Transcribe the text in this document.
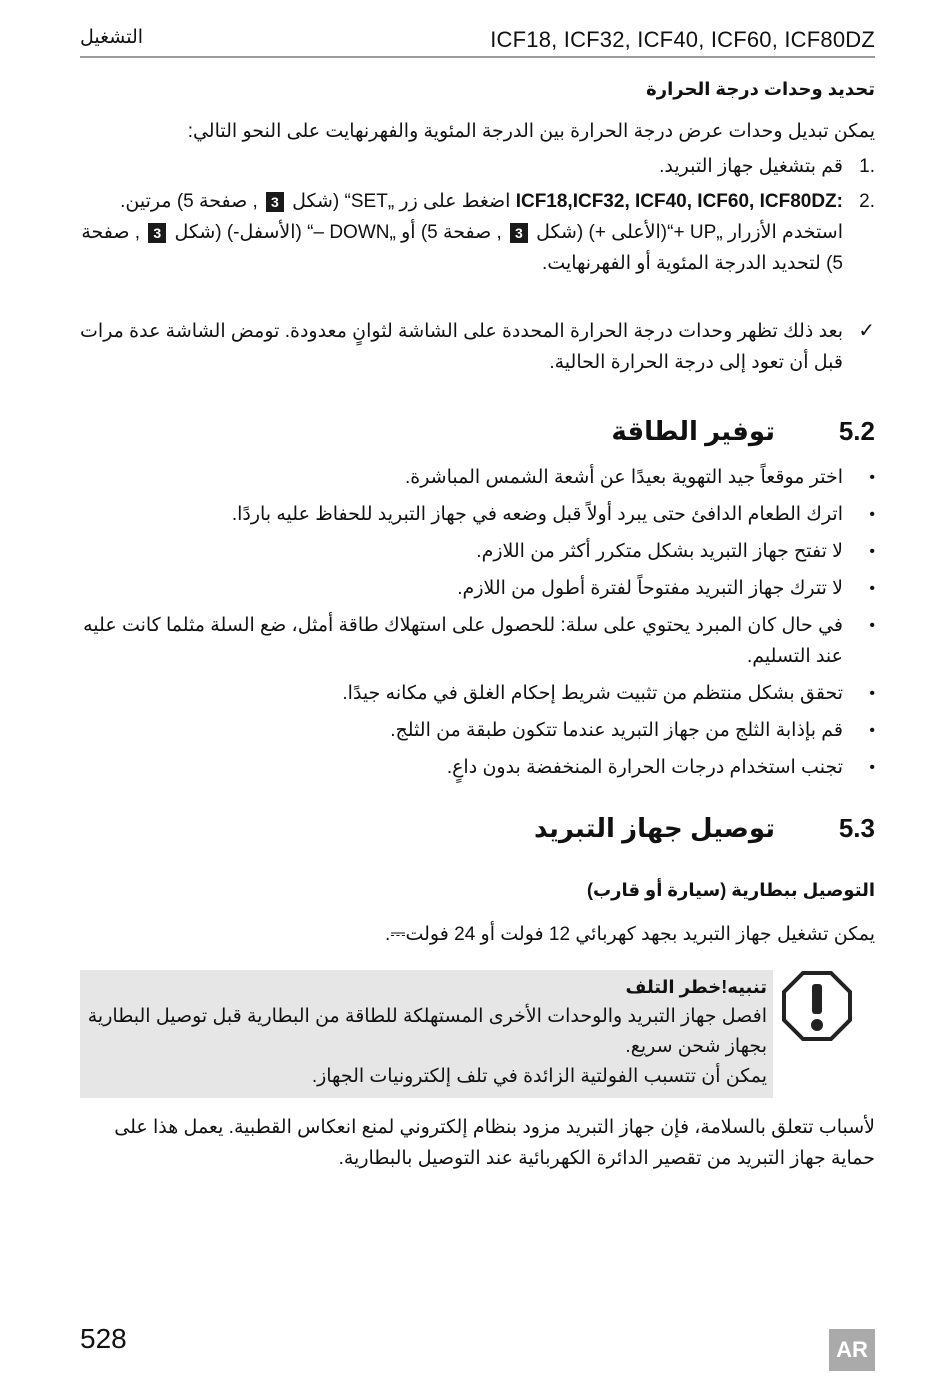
التشغيل	ICF18, ICF32, ICF40, ICF60, ICF80DZ
تحديد وحدات درجة الحرارة
يمكن تبديل وحدات عرض درجة الحرارة بين الدرجة المئوية والفهرنهايت على النحو التالي:
1.
قم بتشغيل جهاز التبريد.
2.
ICF18,ICF32, ICF40, ICF60, ICF80DZ: اضغط على زر „SET“ (شكل 3 , صفحة 5) مرتين.
استخدم الأزرار „UP +“(الأعلى +) (شكل 3 , صفحة 5) أو „DOWN –“ (الأسفل-) (شكل 3 , صفحة 5) لتحديد الدرجة المئوية أو الفهرنهايت.
✓
بعد ذلك تظهر وحدات درجة الحرارة المحددة على الشاشة لثوانٍ معدودة. تومض الشاشة عدة مرات قبل أن تعود إلى درجة الحرارة الحالية.
5.2
توفير الطاقة
•
اختر موقعاً جيد التهوية بعيدًا عن أشعة الشمس المباشرة.
•
اترك الطعام الدافئ حتى يبرد أولاً قبل وضعه في جهاز التبريد للحفاظ عليه باردًا.
•
لا تفتح جهاز التبريد بشكل متكرر أكثر من اللازم.
•
لا تترك جهاز التبريد مفتوحاً لفترة أطول من اللازم.
•
في حال كان المبرد يحتوي على سلة: للحصول على استهلاك طاقة أمثل، ضع السلة مثلما كانت عليه عند التسليم.
•
تحقق بشكل منتظم من تثبيت شريط إحكام الغلق في مكانه جيدًا.
•
قم بإذابة الثلج من جهاز التبريد عندما تتكون طبقة من الثلج.
•
تجنب استخدام درجات الحرارة المنخفضة بدون داعٍ.
5.3
توصيل جهاز التبريد
التوصيل ببطارية (سيارة أو قارب)
يمكن تشغيل جهاز التبريد بجهد كهربائي 12 فولت أو 24 فولت⎓.
تنبيه!خطر التلف
افصل جهاز التبريد والوحدات الأخرى المستهلكة للطاقة من البطارية قبل توصيل البطارية بجهاز شحن سريع.
يمكن أن تتسبب الفولتية الزائدة في تلف إلكترونيات الجهاز.
لأسباب تتعلق بالسلامة، فإن جهاز التبريد مزود بنظام إلكتروني لمنع انعكاس القطبية. يعمل هذا على حماية جهاز التبريد من تقصير الدائرة الكهربائية عند التوصيل بالبطارية.
528	AR
